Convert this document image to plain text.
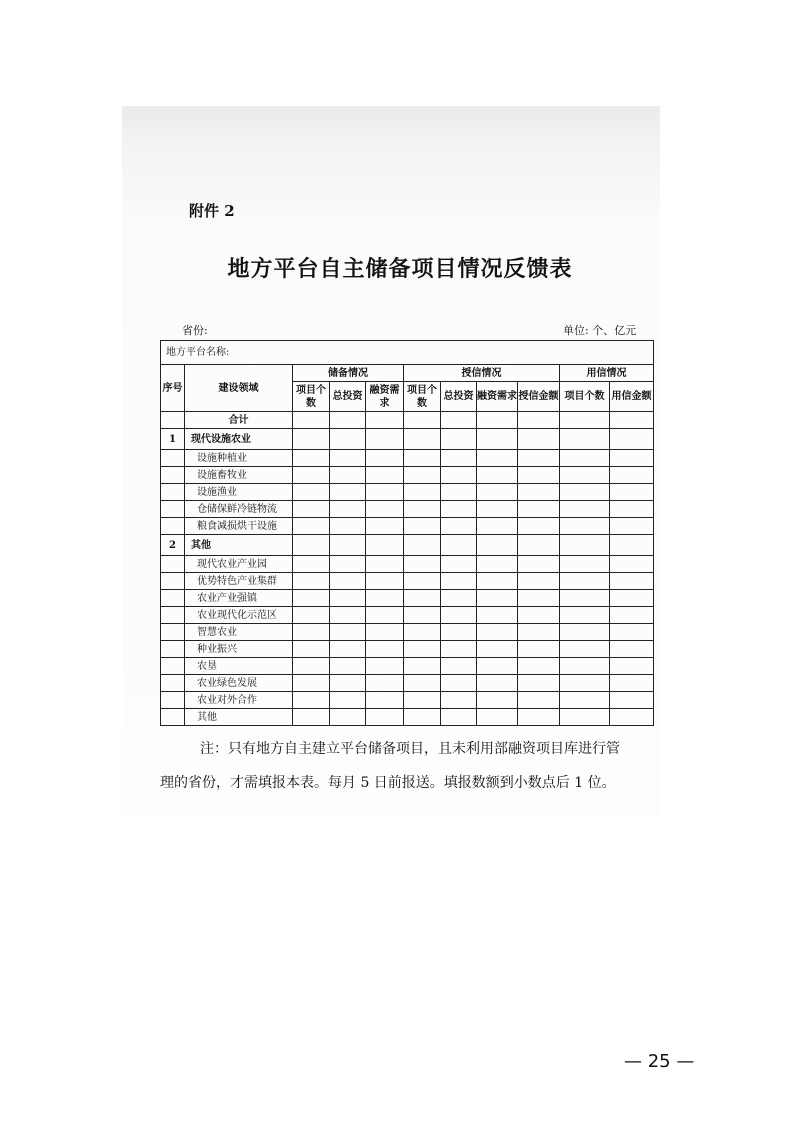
附件 2
地方平台自主储备项目情况反馈表
省份:	单位: 个、亿元
地方平台名称:										
序号	建设领域	储备情况			授信情况				用信情况	
		项目个数	总投资	融资需求	项目个数	总投资	融资需求	授信金额	项目个数	用信金额
	合计									
1	现代设施农业									
	设施种植业									
	设施畜牧业									
	设施渔业									
	仓储保鲜冷链物流									
	粮食减损烘干设施									
2	其他									
	现代农业产业园									
	优势特色产业集群									
	农业产业强镇									
	农业现代化示范区									
	智慧农业									
	种业振兴									
	农垦									
	农业绿色发展									
	农业对外合作									
	其他									
注：只有地方自主建立平台储备项目，且未利用部融资项目库进行管
理的省份，才需填报本表。每月 5 日前报送。填报数额到小数点后 1 位。
— 25 —
